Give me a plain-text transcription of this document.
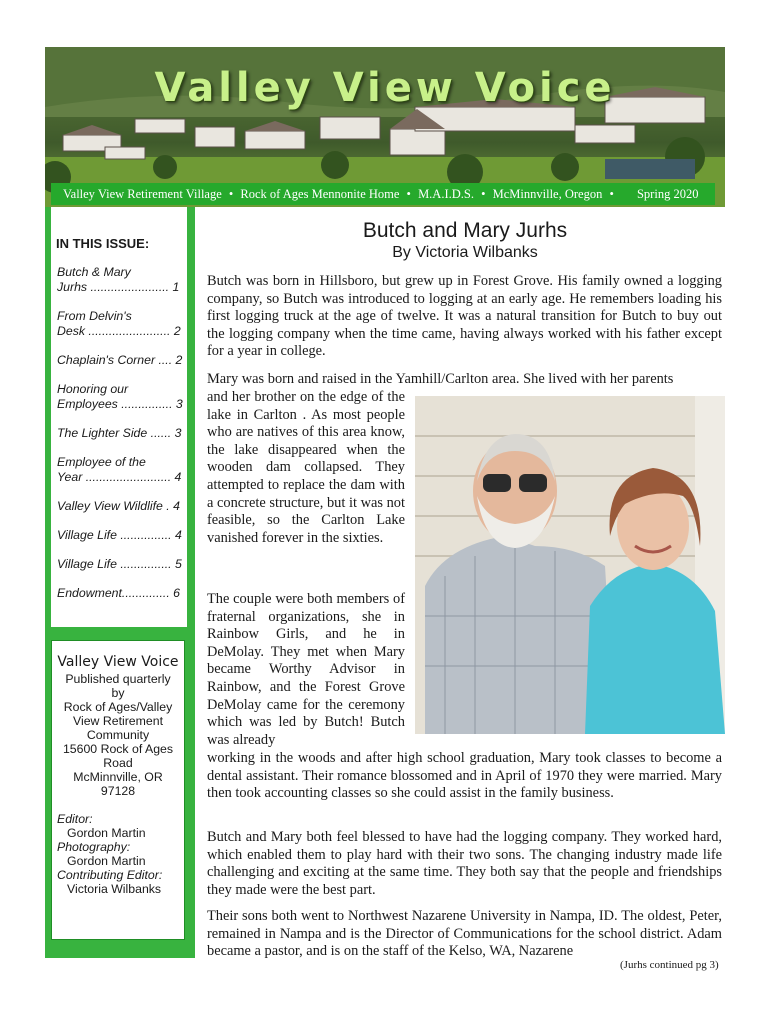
Valley View Voice
Valley View Retirement Village • Rock of Ages Mennonite Home • M.A.I.D.S. • McMinnville, Oregon • Spring 2020
IN THIS ISSUE:
Butch & Mary
Jurhs ....................... 1
From Delvin's
Desk ........................ 2
Chaplain's Corner .... 2
Honoring our
Employees ............... 3
The Lighter Side ...... 3
Employee of the
Year ......................... 4
Valley View Wildlife . 4
Village Life ............... 4
Village Life ............... 5
Endowment.............. 6
Valley View Voice
Published quarterly
by
Rock of Ages/Valley
View Retirement
Community
15600 Rock of Ages
Road
McMinnville, OR
97128
Editor:
Gordon Martin
Photography:
Gordon Martin
Contributing Editor:
Victoria Wilbanks
Butch and Mary Jurhs
By Victoria Wilbanks
Butch was born in Hillsboro, but grew up in Forest Grove. His family owned a logging company, so Butch was introduced to logging at an early age. He remembers loading his first logging truck at the age of twelve. It was a natural transition for Butch to buy out the logging company when the time came, having always worked with his father except for a year in college.
Mary was born and raised in the Yamhill/Carlton area. She lived with her parents
and her brother on the edge of the lake in Carlton . As most people who are natives of this area know, the lake disappeared when the wooden dam collapsed. They attempted to replace the dam with a concrete structure, but it was not feasible, so the Carlton Lake vanished forever in the sixties.
The couple were both members of fraternal organizations, she in Rainbow Girls, and he in DeMolay. They met when Mary became Worthy Advisor in Rainbow, and the Forest Grove DeMolay came for the ceremony which was led by Butch! Butch was already
working in the woods and after high school graduation, Mary took classes to become a dental assistant. Their romance blossomed and in April of 1970 they were married. Mary then took accounting classes so she could assist in the family business.
Butch and Mary both feel blessed to have had the logging company. They worked hard, which enabled them to play hard with their two sons. The changing industry made life challenging and exciting at the same time. They both say that the people and friendships they made were the best part.
Their sons both went to Northwest Nazarene University in Nampa, ID. The oldest, Peter, remained in Nampa and is the Director of Communications for the school district. Adam became a pastor, and is on the staff of the Kelso, WA, Nazarene
(Jurhs continued pg 3)
